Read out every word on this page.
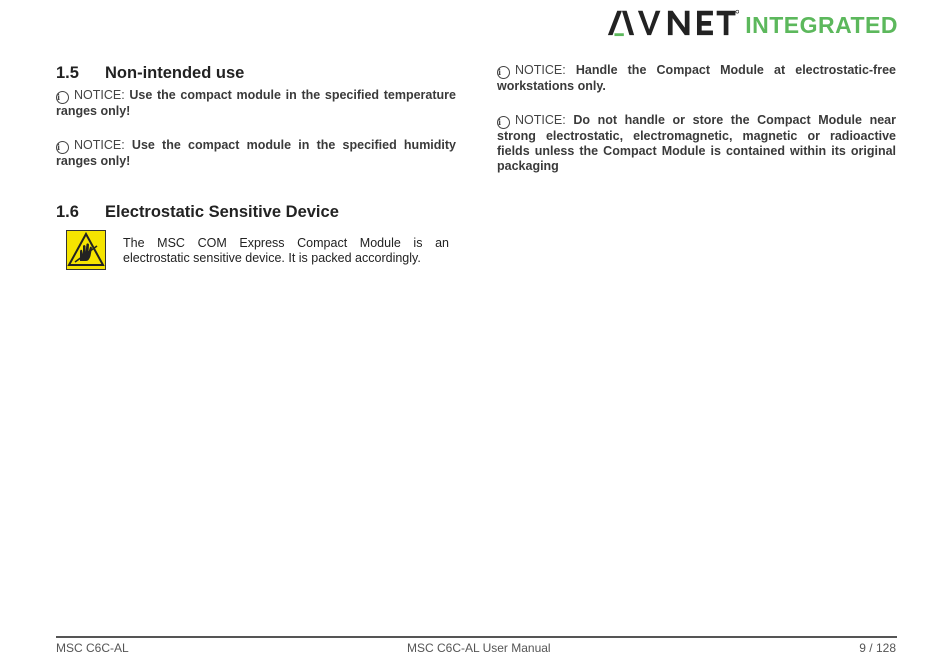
INTEGRATED
1.5	Non-intended use

i NOTICE: Use the compact module in the specified temperature ranges only!

i NOTICE: Use the compact module in the specified humidity ranges only!

1.6	Electrostatic Sensitive Device

The MSC COM Express Compact Module is an electrostatic sensitive device. It is packed accordingly.

i NOTICE: Handle the Compact Module at electrostatic-free workstations only.

i NOTICE: Do not handle or store the Compact Module near strong electrostatic, electromagnetic, magnetic or radioactive fields unless the Compact Module is contained within its original packaging

MSC C6C-AL	MSC C6C-AL User Manual	9 / 128
